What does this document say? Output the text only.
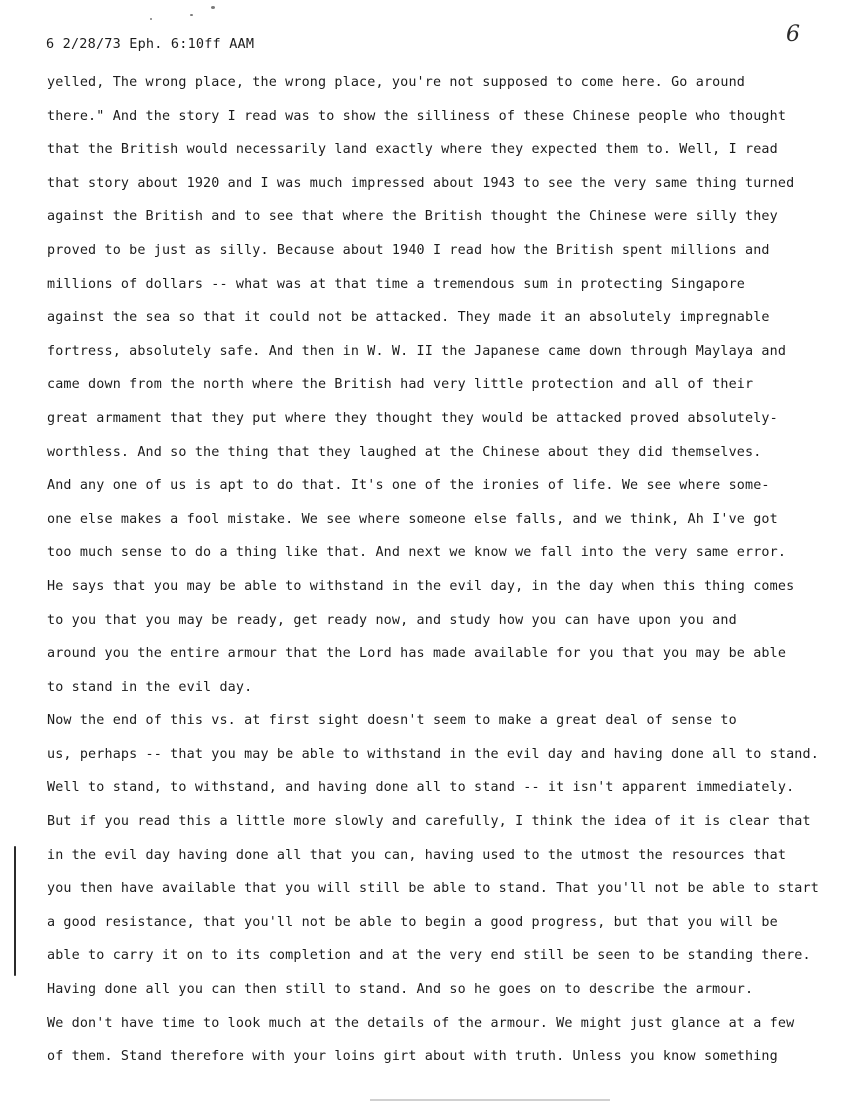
6 2/28/73 Eph. 6:10ff AAM	6
yelled, The wrong place, the wrong place, you're not supposed to come here. Go around
there." And the story I read was to show the silliness of these Chinese people who thought
that the British would necessarily land exactly where they expected them to. Well, I read
that story about 1920 and I was much impressed about 1943 to see the very same thing turned
against the British and to see that where the British thought the Chinese were silly they
proved to be just as silly. Because about 1940 I read how the British spent millions and
millions of dollars -- what was at that time a tremendous sum in protecting Singapore
against the sea so that it could not be attacked. They made it an absolutely impregnable
fortress, absolutely safe. And then in W. W. II the Japanese came down through Maylaya and
came down from the north where the British had very little protection and all of their
great armament that they put where they thought they would be attacked proved absolutely-
worthless. And so the thing that they laughed at the Chinese about they did themselves.
And any one of us is apt to do that. It's one of the ironies of life. We see where some-
one else makes a fool mistake. We see where someone else falls, and we think, Ah I've got
too much sense to do a thing like that. And next we know we fall into the very same error.
He says that you may be able to withstand in the evil day, in the day when this thing comes
to you that you may be ready, get ready now, and study how you can have upon you and
around you the entire armour that the Lord has made available for you that you may be able
to stand in the evil day.
Now the end of this vs. at first sight doesn't seem to make a great deal of sense to
us, perhaps -- that you may be able to withstand in the evil day and having done all to stand.
Well to stand, to withstand, and having done all to stand -- it isn't apparent immediately.
But if you read this a little more slowly and carefully, I think the idea of it is clear that
in the evil day having done all that you can, having used to the utmost the resources that
you then have available that you will still be able to stand. That you'll not be able to start
a good resistance, that you'll not be able to begin a good progress, but that you will be
able to carry it on to its completion and at the very end still be seen to be standing there.
Having done all you can then still to stand. And so he goes on to describe the armour.
We don't have time to look much at the details of the armour. We might just glance at a few
of them. Stand therefore with your loins girt about with truth. Unless you know something
